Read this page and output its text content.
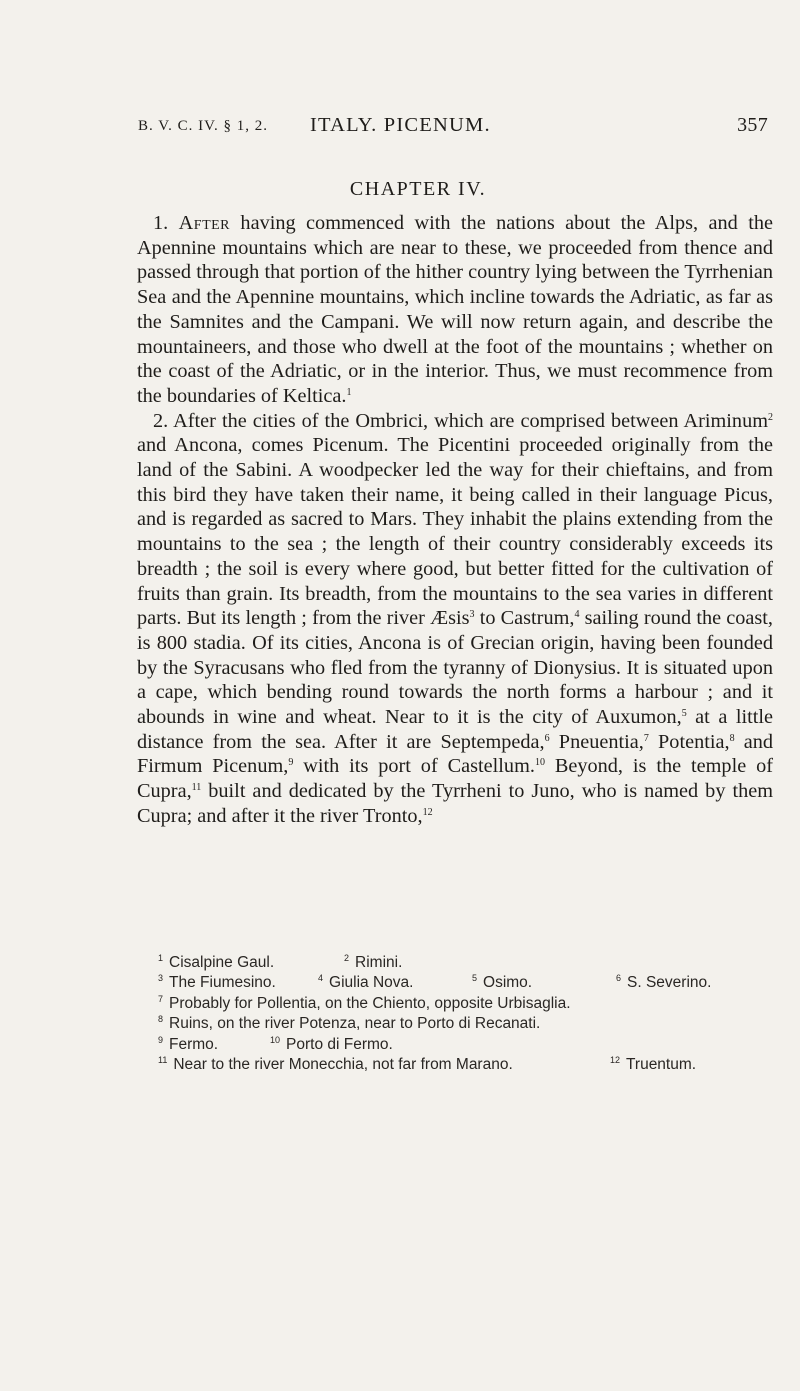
B. V. C. IV. § 1, 2. ITALY. PICENUM.	357
CHAPTER IV.

1. After having commenced with the nations about the Alps, and the Apennine mountains which are near to these, we proceeded from thence and passed through that portion of the hither country lying between the Tyrrhenian Sea and the Apennine mountains, which incline towards the Adriatic, as far as the Samnites and the Campani. We will now return again, and describe the mountaineers, and those who dwell at the foot of the mountains ; whether on the coast of the Adriatic, or in the interior. Thus, we must recommence from the boundaries of Keltica.$^1$

2. After the cities of the Ombrici, which are comprised between Ariminum$^2$ and Ancona, comes Picenum. The Picentini proceeded originally from the land of the Sabini. A woodpecker led the way for their chieftains, and from this bird they have taken their name, it being called in their language Picus, and is regarded as sacred to Mars. They inhabit the plains extending from the mountains to the sea ; the length of their country considerably exceeds its breadth ; the soil is every where good, but better fitted for the cultivation of fruits than grain. Its breadth, from the mountains to the sea varies in different parts. But its length ; from the river Æsis$^3$ to Castrum,$^4$ sailing round the coast, is 800 stadia. Of its cities, Ancona is of Grecian origin, having been founded by the Syracusans who fled from the tyranny of Dionysius. It is situated upon a cape, which bending round towards the north forms a harbour ; and it abounds in wine and wheat. Near to it is the city of Auxumon,$^5$ at a little distance from the sea. After it are Septempeda,$^6$ Pneuentia,$^7$ Potentia,$^8$ and Firmum Picenum,$^9$ with its port of Castellum.$^{10}$ Beyond, is the temple of Cupra,$^{11}$ built and dedicated by the Tyrrheni to Juno, who is named by them Cupra; and after it the river Tronto,$^{12}$

$^1$ Cisalpine Gaul.	$^2$ Rimini.
$^3$ The Fiumesino.	$^4$ Giulia Nova.	$^5$ Osimo.	$^6$ S. Severino.
$^7$ Probably for Pollentia, on the Chiento, opposite Urbisaglia.
$^8$ Ruins, on the river Potenza, near to Porto di Recanati.
$^9$ Fermo.	$^{10}$ Porto di Fermo.
$^{11}$ Near to the river Monecchia, not far from Marano.	$^{12}$ Truentum.
